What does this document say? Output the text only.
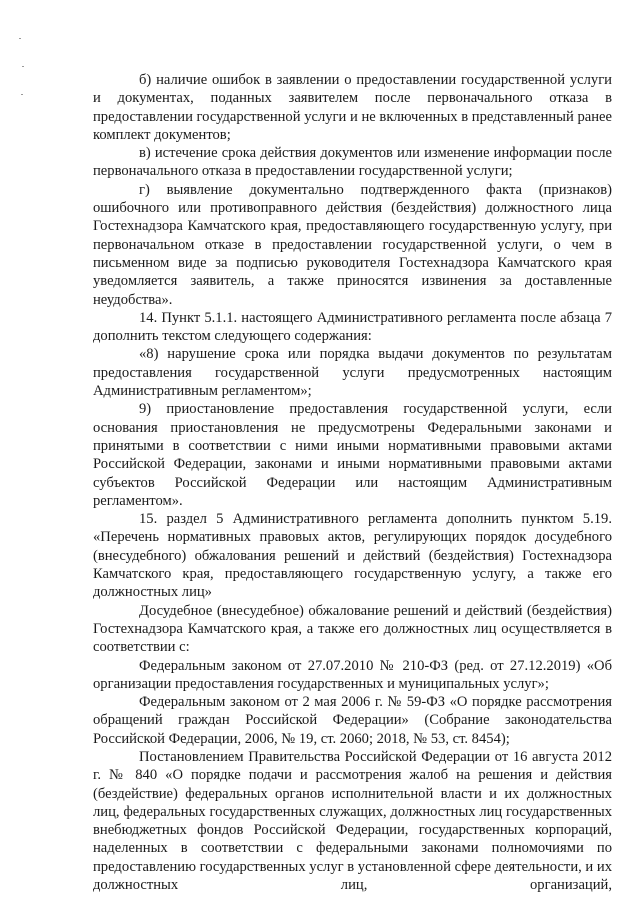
б) наличие ошибок в заявлении о предоставлении государственной услуги и документах, поданных заявителем после первоначального отказа в предоставлении государственной услуги и не включенных в представленный ранее комплект документов;

в) истечение срока действия документов или изменение информации после первоначального отказа в предоставлении государственной услуги;

г) выявление документально подтвержденного факта (признаков) ошибочного или противоправного действия (бездействия) должностного лица Гостехнадзора Камчатского края, предоставляющего государственную услугу, при первоначальном отказе в предоставлении государственной услуги, о чем в письменном виде за подписью руководителя Гостехнадзора Камчатского края уведомляется заявитель, а также приносятся извинения за доставленные неудобства».

14. Пункт 5.1.1. настоящего Административного регламента после абзаца 7 дополнить текстом следующего содержания:

«8) нарушение срока или порядка выдачи документов по результатам предоставления государственной услуги предусмотренных настоящим Административным регламентом»;

9) приостановление предоставления государственной услуги, если основания приостановления не предусмотрены Федеральными законами и принятыми в соответствии с ними иными нормативными правовыми актами Российской Федерации, законами и иными нормативными правовыми актами субъектов Российской Федерации или настоящим Административным регламентом».

15. раздел 5 Административного регламента дополнить пунктом 5.19. «Перечень нормативных правовых актов, регулирующих порядок досудебного (внесудебного) обжалования решений и действий (бездействия) Гостехнадзора Камчатского края, предоставляющего государственную услугу, а также его должностных лиц»

Досудебное (внесудебное) обжалование решений и действий (бездействия) Гостехнадзора Камчатского края, а также его должностных лиц осуществляется в соответствии с:

Федеральным законом от 27.07.2010 № 210-ФЗ (ред. от 27.12.2019) «Об организации предоставления государственных и муниципальных услуг»;

Федеральным законом от 2 мая 2006 г. № 59-ФЗ «О порядке рассмотрения обращений граждан Российской Федерации» (Собрание законодательства Российской Федерации, 2006, № 19, ст. 2060; 2018, № 53, ст. 8454);

Постановлением Правительства Российской Федерации от 16 августа 2012 г. № 840 «О порядке подачи и рассмотрения жалоб на решения и действия (бездействие) федеральных органов исполнительной власти и их должностных лиц, федеральных государственных служащих, должностных лиц государственных внебюджетных фондов Российской Федерации, государственных корпораций, наделенных в соответствии с федеральными законами полномочиями по предоставлению государственных услуг в установленной сфере деятельности, и их должностных лиц, организаций,
